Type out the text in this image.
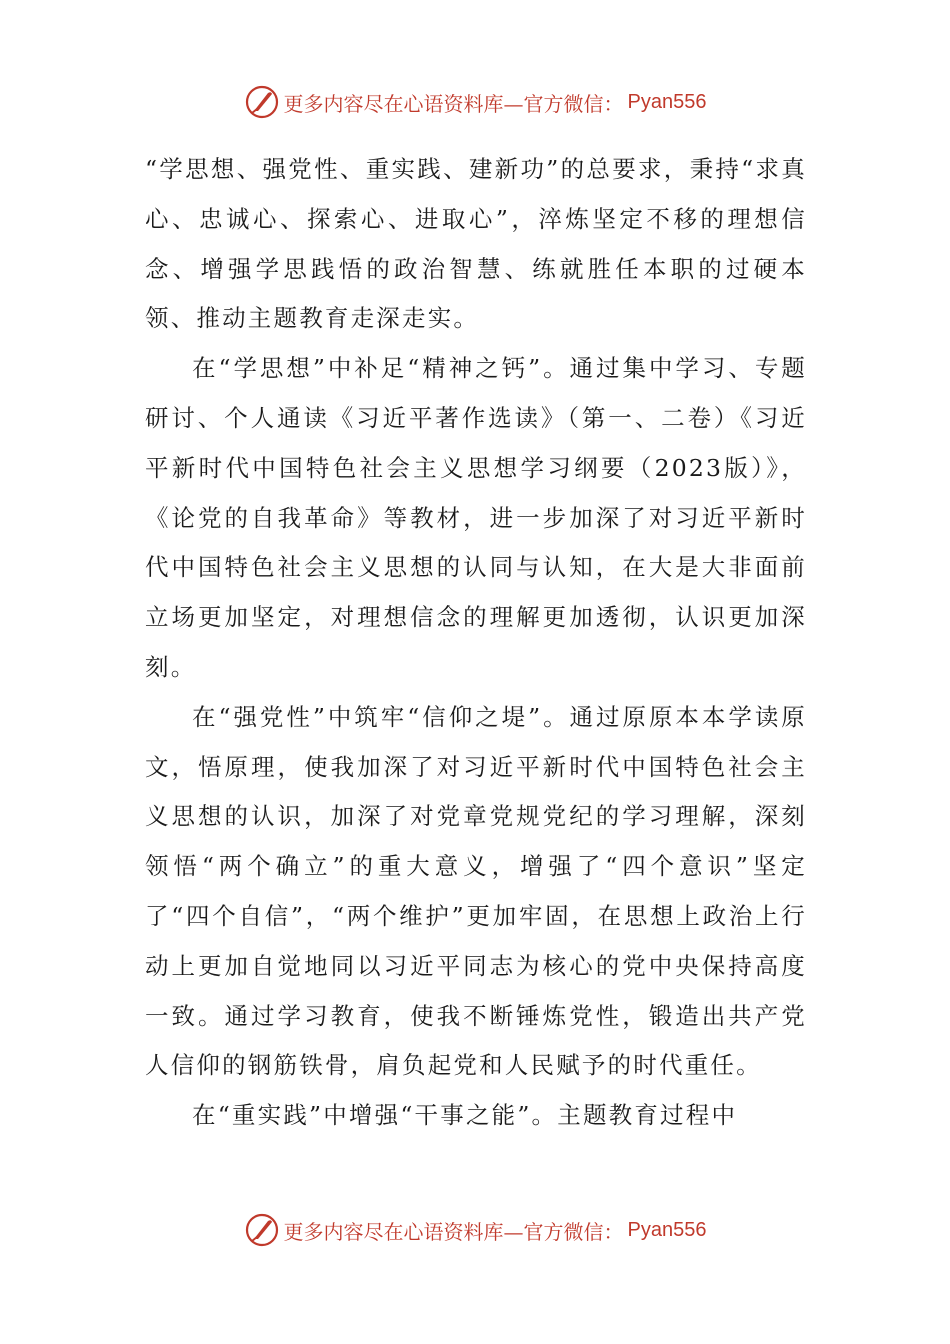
更多内容尽在心语资料库—官方微信： Pyan556

“学思想、强党性、重实践、建新功”的总要求，秉持“求真心、忠诚心、探索心、进取心”，淬炼坚定不移的理想信念、增强学思践悟的政治智慧、练就胜任本职的过硬本领、推动主题教育走深走实。

在“学思想”中补足“精神之钙”。通过集中学习、专题研讨、个人通读《习近平著作选读》（第一、二卷）《习近平新时代中国特色社会主义思想学习纲要（2023版）》，《论党的自我革命》等教材，进一步加深了对习近平新时代中国特色社会主义思想的认同与认知，在大是大非面前立场更加坚定，对理想信念的理解更加透彻，认识更加深刻。

在“强党性”中筑牢“信仰之堤”。通过原原本本学读原文，悟原理，使我加深了对习近平新时代中国特色社会主义思想的认识，加深了对党章党规党纪的学习理解，深刻领悟“两个确立”的重大意义，增强了“四个意识”坚定了“四个自信”，“两个维护”更加牢固，在思想上政治上行动上更加自觉地同以习近平同志为核心的党中央保持高度一致。通过学习教育，使我不断锤炼党性，锻造出共产党人信仰的钢筋铁骨，肩负起党和人民赋予的时代重任。

在“重实践”中增强“干事之能”。主题教育过程中

更多内容尽在心语资料库—官方微信： Pyan556
